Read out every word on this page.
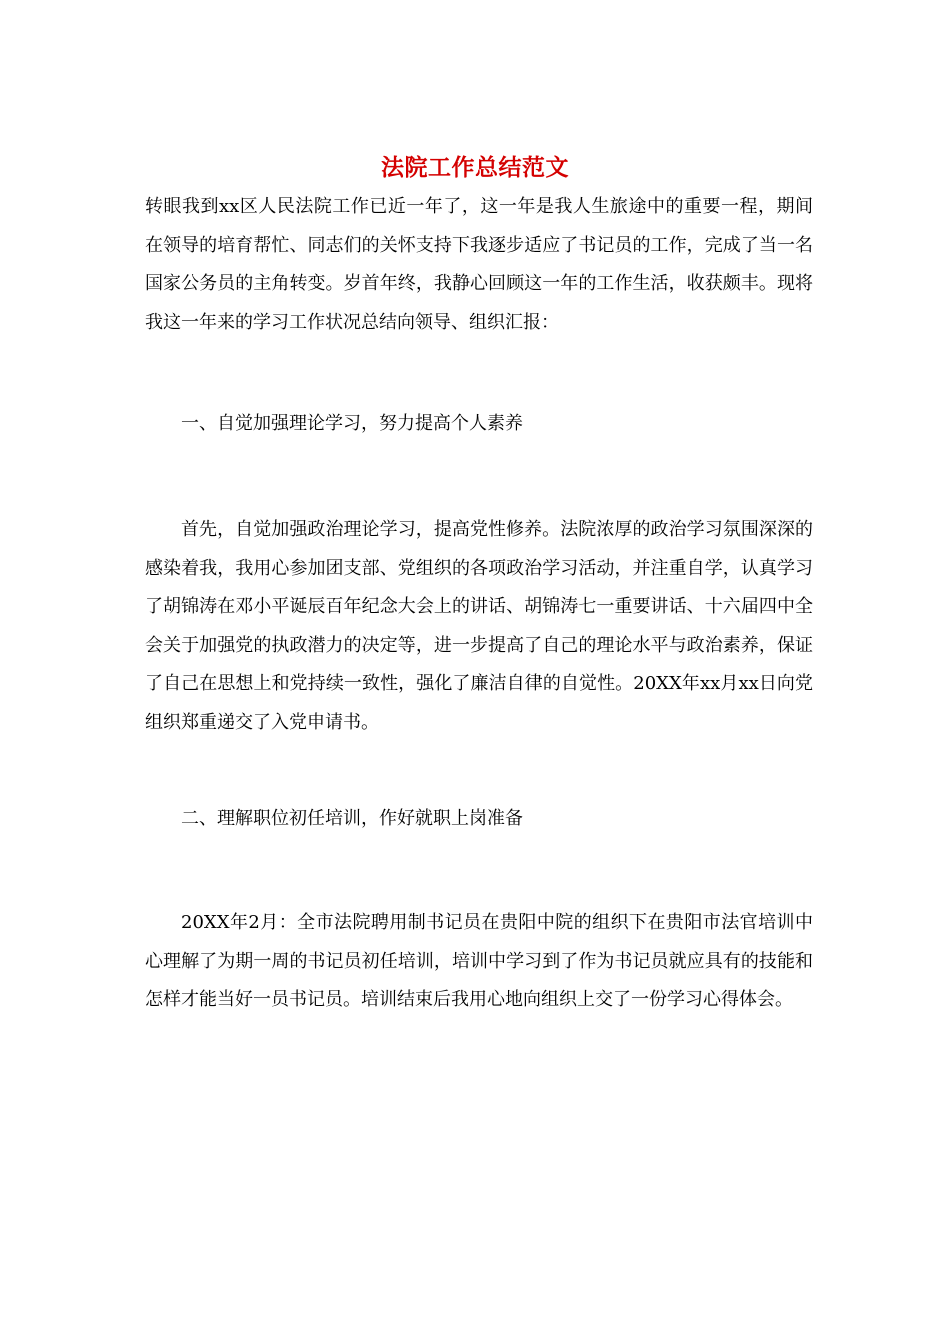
法院工作总结范文

转眼我到xx区人民法院工作已近一年了，这一年是我人生旅途中的重要一程，期间在领导的培育帮忙、同志们的关怀支持下我逐步适应了书记员的工作，完成了当一名国家公务员的主角转变。岁首年终，我静心回顾这一年的工作生活，收获颇丰。现将我这一年来的学习工作状况总结向领导、组织汇报：

一、自觉加强理论学习，努力提高个人素养

首先，自觉加强政治理论学习，提高党性修养。法院浓厚的政治学习氛围深深的感染着我，我用心参加团支部、党组织的各项政治学习活动，并注重自学，认真学习了胡锦涛在邓小平诞辰百年纪念大会上的讲话、胡锦涛七一重要讲话、十六届四中全会关于加强党的执政潜力的决定等，进一步提高了自己的理论水平与政治素养，保证了自己在思想上和党持续一致性，强化了廉洁自律的自觉性。20XX年xx月xx日向党组织郑重递交了入党申请书。

二、理解职位初任培训，作好就职上岗准备

20XX年2月：全市法院聘用制书记员在贵阳中院的组织下在贵阳市法官培训中心理解了为期一周的书记员初任培训，培训中学习到了作为书记员就应具有的技能和怎样才能当好一员书记员。培训结束后我用心地向组织上交了一份学习心得体会。
